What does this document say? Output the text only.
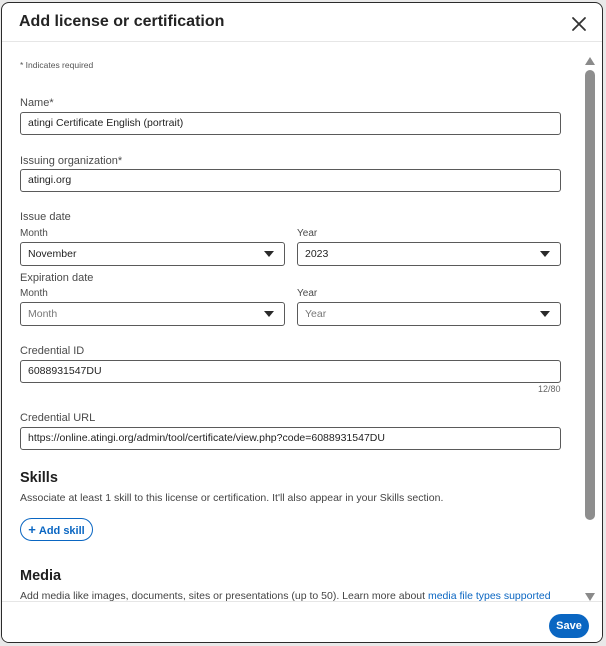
Add license or certification
* Indicates required
Name*
atingi Certificate English (portrait)
Issuing organization*
atingi.org
Issue date
Month
November
Year
2023
Expiration date
Month
Month
Year
Year
Credential ID
6088931547DU
12/80
Credential URL
https://online.atingi.org/admin/tool/certificate/view.php?code=6088931547DU
Skills
Associate at least 1 skill to this license or certification. It'll also appear in your Skills section.
+ Add skill
Media
Add media like images, documents, sites or presentations (up to 50). Learn more about media file types supported
Save
